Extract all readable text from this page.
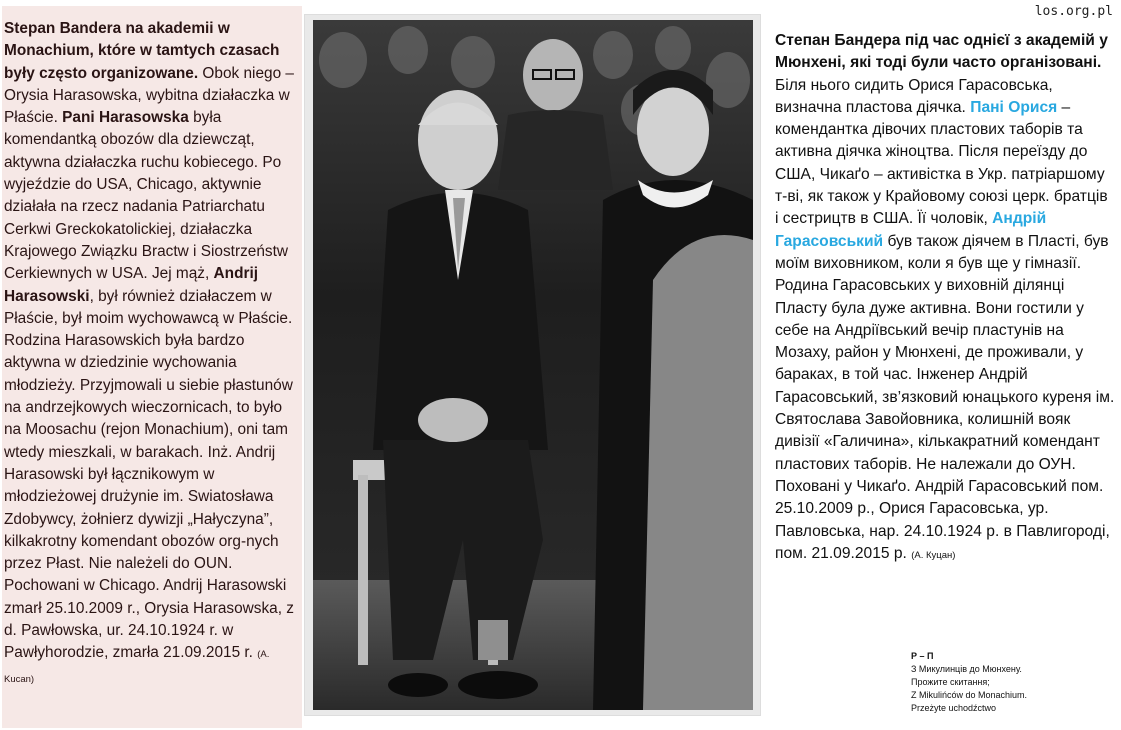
los.org.pl
Stepan Bandera na akademii w Monachium, które w tamtych czasach były często organizowane. Obok niego – Orysia Harasowska, wybitna działaczka w Płaście. Pani Harasowska była komendantką obozów dla dziewcząt, aktywna działaczka ruchu kobiecego. Po wyjeździe do USA, Chicago, aktywnie działała na rzecz nadania Patriarchatu Cerkwi Greckokatolickiej, działaczka Krajowego Związku Bractw i Siostrzeństw Cerkiewnych w USA. Jej mąż, Andrij Harasowski, był również działaczem w Płaście, był moim wychowawcą w Płaście. Rodzina Harasowskich była bardzo aktywna w dziedzinie wychowania młodzieży. Przyjmowali u siebie płastunów na andrzejkowych wieczornicach, to było na Moosachu (rejon Monachium), oni tam wtedy mieszkali, w barakach. Inż. Andrij Harasowski był łącznikowym w młodzieżowej drużynie im. Swiatosława Zdobywcy, żołnierz dywizji „Hałyczyna”, kilkakrotny komendant obozów org-nych przez Płast. Nie należeli do OUN. Pochowani w Chicago. Andrij Harasowski zmarł 25.10.2009 r., Orysia Harasowska, z d. Pawłowska, ur. 24.10.1924 r. w Pawłyhorodzie, zmarła 21.09.2015 r. (A. Kucan)
Р – П
З Микулинців до Мюнхену.
Прожите скитання;
Z Mikulińców do Monachium.
Przeżyte uchodźctwo
Степан Бандера під час однієї з академій у Мюнхені, які тоді були часто організовані. Біля нього сидить Орися Гарасовська, визначна пластова діячка. Пані Орися – комендантка дівочих пластових таборів та активна діячка жіноцтва. Після переїзду до США, Чикаґо – активістка в Укр. патріаршому т-ві, як також у Крайовому союзі церк. братців і сестрицтв в США. Її чоловік, Андрій Гарасовський був також діячем в Пласті, був моїм виховником, коли я був ще у гімназії. Родина Гарасовських у виховній ділянці Пласту була дуже активна. Вони гостили у себе на Андріївський вечір пластунів на Мозаху, район у Мюнхені, де проживали, у бараках, в той час. Інженер Андрій Гарасовський, зв’язковий юнацького куреня ім. Святослава Завойовника, колишній вояк дивізії «Галичина», кількакратний комендант пластових таборів. Не належали до ОУН. Поховані у Чикаґо. Андрій Гарасовський пом. 25.10.2009 р., Орися Гарасовська, ур. Павловська, нар. 24.10.1924 р. в Павлигороді, пом. 21.09.2015 р. (А. Куцан)
